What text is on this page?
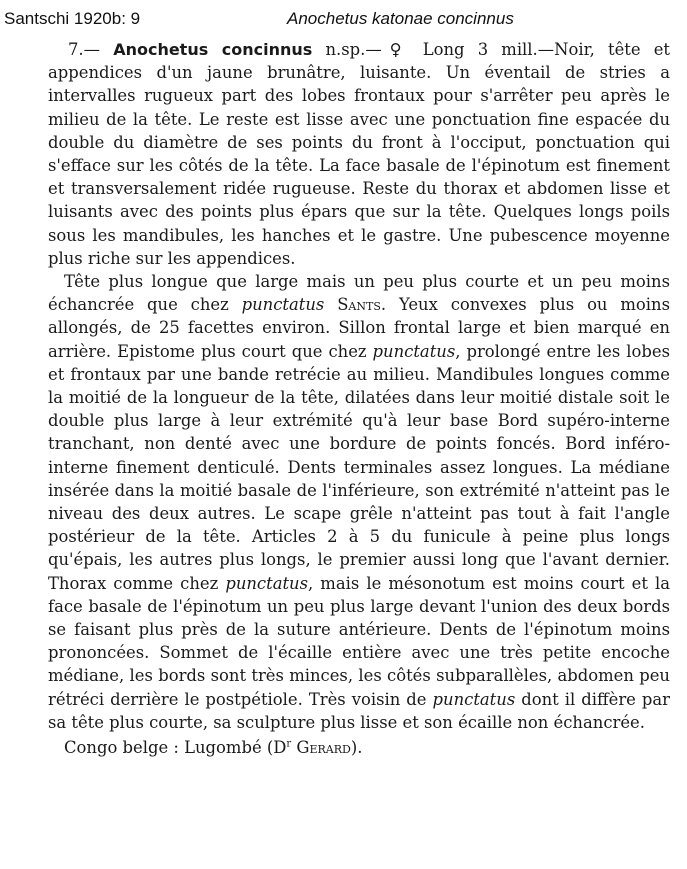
Santschi 1920b: 9	Anochetus katonae concinnus

7.— Anochetus concinnus n.sp.—♀ Long 3 mill.—Noir, tête et appendices d'un jaune brunâtre, luisante. Un éventail de stries a intervalles rugueux part des lobes frontaux pour s'arrêter peu après le milieu de la tête. Le reste est lisse avec une ponctuation fine espacée du double du diamètre de ses points du front à l'occiput, ponctuation qui s'efface sur les côtés de la tête. La face basale de l'épinotum est finement et transversalement ridée rugueuse. Reste du thorax et abdomen lisse et luisants avec des points plus épars que sur la tête. Quelques longs poils sous les mandibules, les hanches et le gastre. Une pubescence moyenne plus riche sur les appendices.

Tête plus longue que large mais un peu plus courte et un peu moins échancrée que chez punctatus Sants. Yeux convexes plus ou moins allongés, de 25 facettes environ. Sillon frontal large et bien marqué en arrière. Epistome plus court que chez punctatus, prolongé entre les lobes et frontaux par une bande retrécie au milieu. Mandibules longues comme la moitié de la longueur de la tête, dilatées dans leur moitié distale soit le double plus large à leur extrémité qu'à leur base Bord supéro-interne tranchant, non denté avec une bordure de points foncés. Bord inféro-interne finement denticulé. Dents terminales assez longues. La médiane insérée dans la moitié basale de l'inférieure, son extrémité n'atteint pas le niveau des deux autres. Le scape grêle n'atteint pas tout à fait l'angle postérieur de la tête. Articles 2 à 5 du funicule à peine plus longs qu'épais, les autres plus longs, le premier aussi long que l'avant dernier. Thorax comme chez punctatus, mais le mésonotum est moins court et la face basale de l'épinotum un peu plus large devant l'union des deux bords se faisant plus près de la suture antérieure. Dents de l'épinotum moins prononcées. Sommet de l'écaille entière avec une très petite encoche médiane, les bords sont très minces, les côtés subparallèles, abdomen peu rétréci derrière le postpétiole. Très voisin de punctatus dont il diffère par sa tête plus courte, sa sculpture plus lisse et son écaille non échancrée.

Congo belge : Lugombé ($D^r$ Gerard).
